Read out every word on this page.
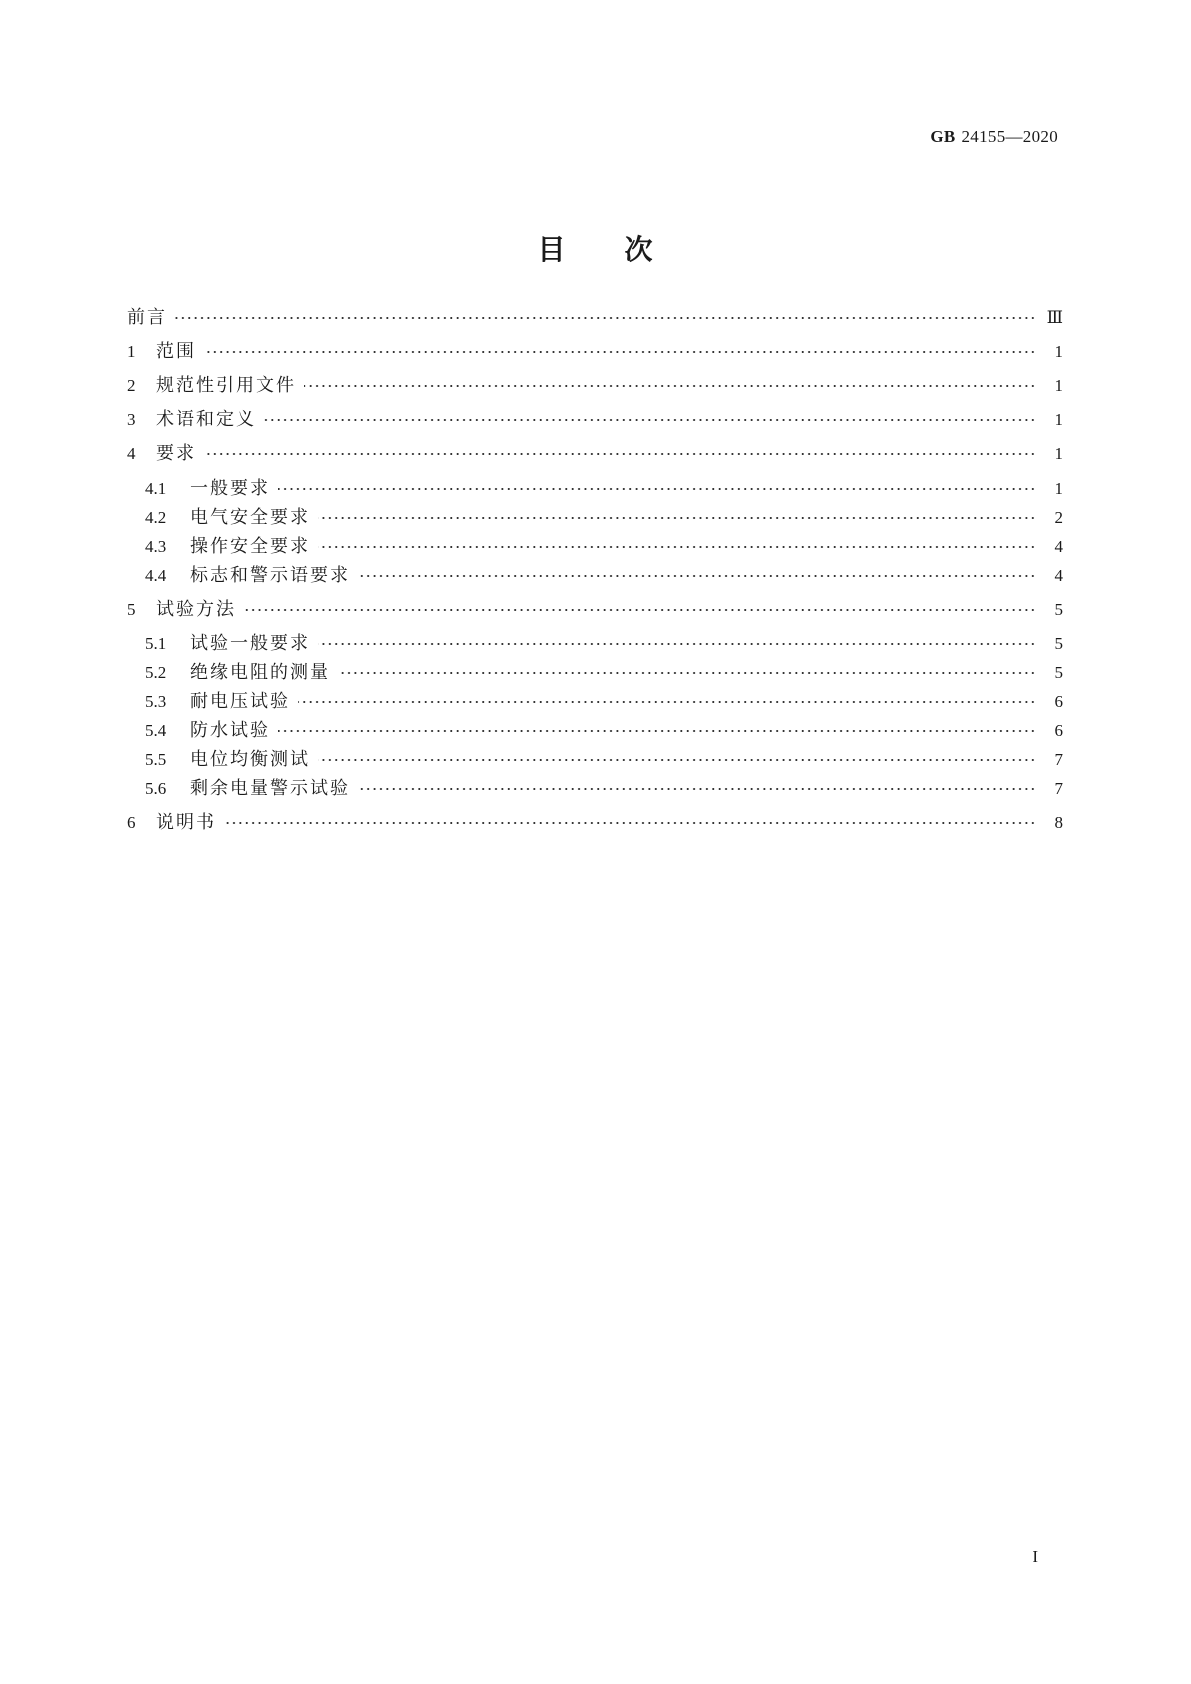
GB 24155—2020
目 次
前言	Ⅲ
1 范围	1
2 规范性引用文件	1
3 术语和定义	1
4 要求	1
4.1 一般要求	1
4.2 电气安全要求	2
4.3 操作安全要求	4
4.4 标志和警示语要求	4
5 试验方法	5
5.1 试验一般要求	5
5.2 绝缘电阻的测量	5
5.3 耐电压试验	6
5.4 防水试验	6
5.5 电位均衡测试	7
5.6 剩余电量警示试验	7
6 说明书	8
I
